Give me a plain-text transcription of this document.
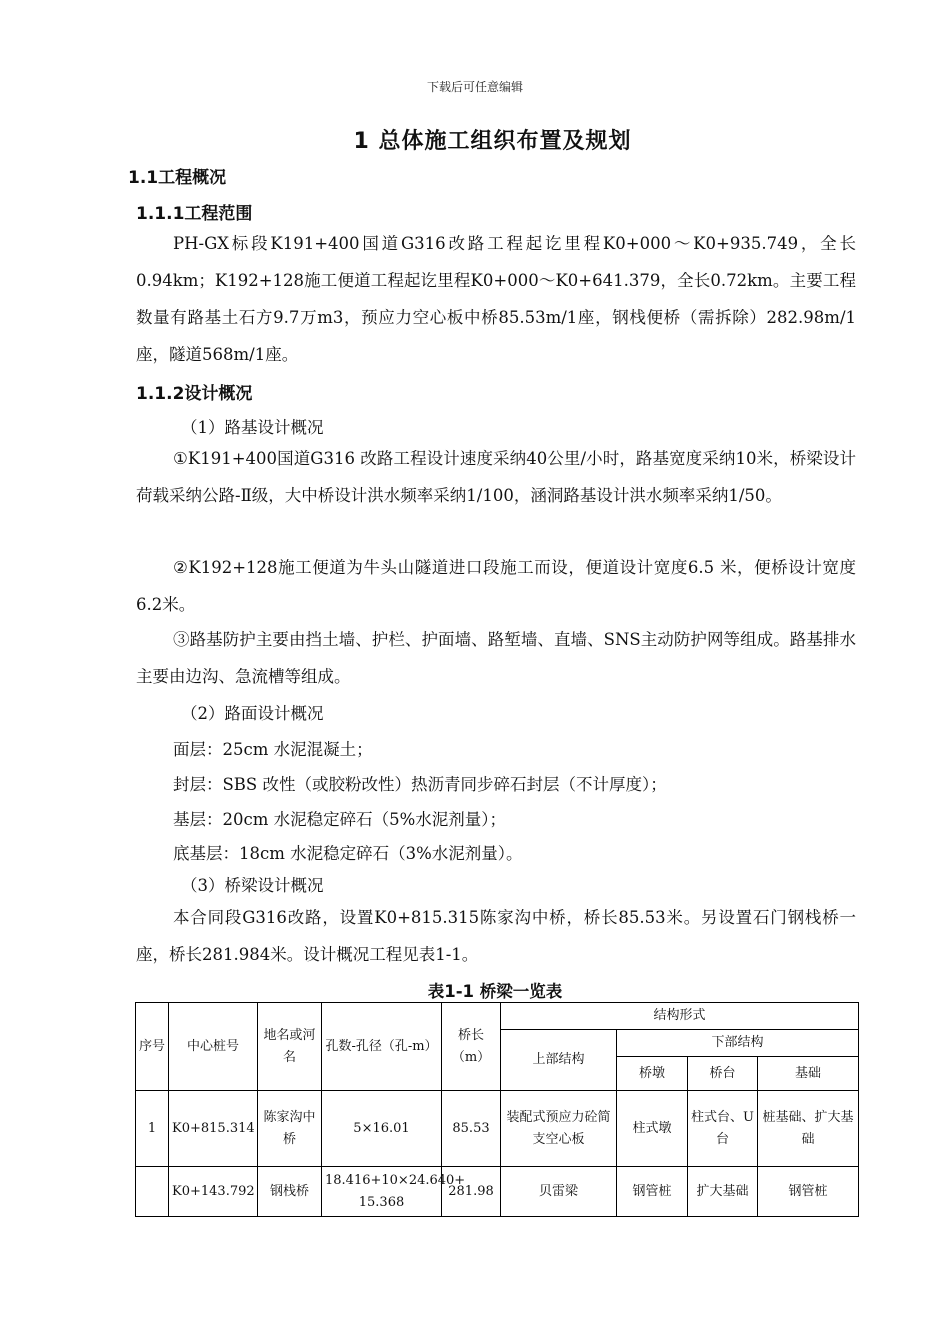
下载后可任意编辑
1 总体施工组织布置及规划
1.1工程概况
1.1.1工程范围
PH-GX标段K191+400国道G316改路工程起讫里程K0+000～K0+935.749，全长0.94km；K192+128施工便道工程起讫里程K0+000～K0+641.379，全长0.72km。主要工程数量有路基土石方9.7万m3，预应力空心板中桥85.53m/1座，钢栈便桥（需拆除）282.98m/1座，隧道568m/1座。
1.1.2设计概况
（1）路基设计概况
①K191+400国道G316 改路工程设计速度采纳40公里/小时，路基宽度采纳10米，桥梁设计荷载采纳公路-Ⅱ级，大中桥设计洪水频率采纳1/100，涵洞路基设计洪水频率采纳1/50。
②K192+128施工便道为牛头山隧道进口段施工而设，便道设计宽度6.5 米，便桥设计宽度6.2米。
③路基防护主要由挡土墙、护栏、护面墙、路堑墙、直墙、SNS主动防护网等组成。路基排水主要由边沟、急流槽等组成。
（2）路面设计概况
面层：25cm 水泥混凝土；
封层：SBS 改性（或胶粉改性）热沥青同步碎石封层（不计厚度）；
基层：20cm 水泥稳定碎石（5%水泥剂量）；
底基层：18cm 水泥稳定碎石（3%水泥剂量）。
（3）桥梁设计概况
本合同段G316改路，设置K0+815.315陈家沟中桥，桥长85.53米。另设置石门钢栈桥一座，桥长281.984米。设计概况工程见表1-1。
表1-1 桥梁一览表
序号	中心桩号	地名或河名	孔数-孔径（孔-m）	桥长（m）	结构形式			
					上部结构	下部结构		
						桥墩	桥台	基础
1	K0+815.314	陈家沟中桥	5×16.01	85.53	装配式预应力砼简支空心板	柱式墩	柱式台、U台	桩基础、扩大基础
	K0+143.792	钢栈桥	18.416+10×24.640+ 15.368	281.98	贝雷梁	钢管桩	扩大基础	钢管桩
